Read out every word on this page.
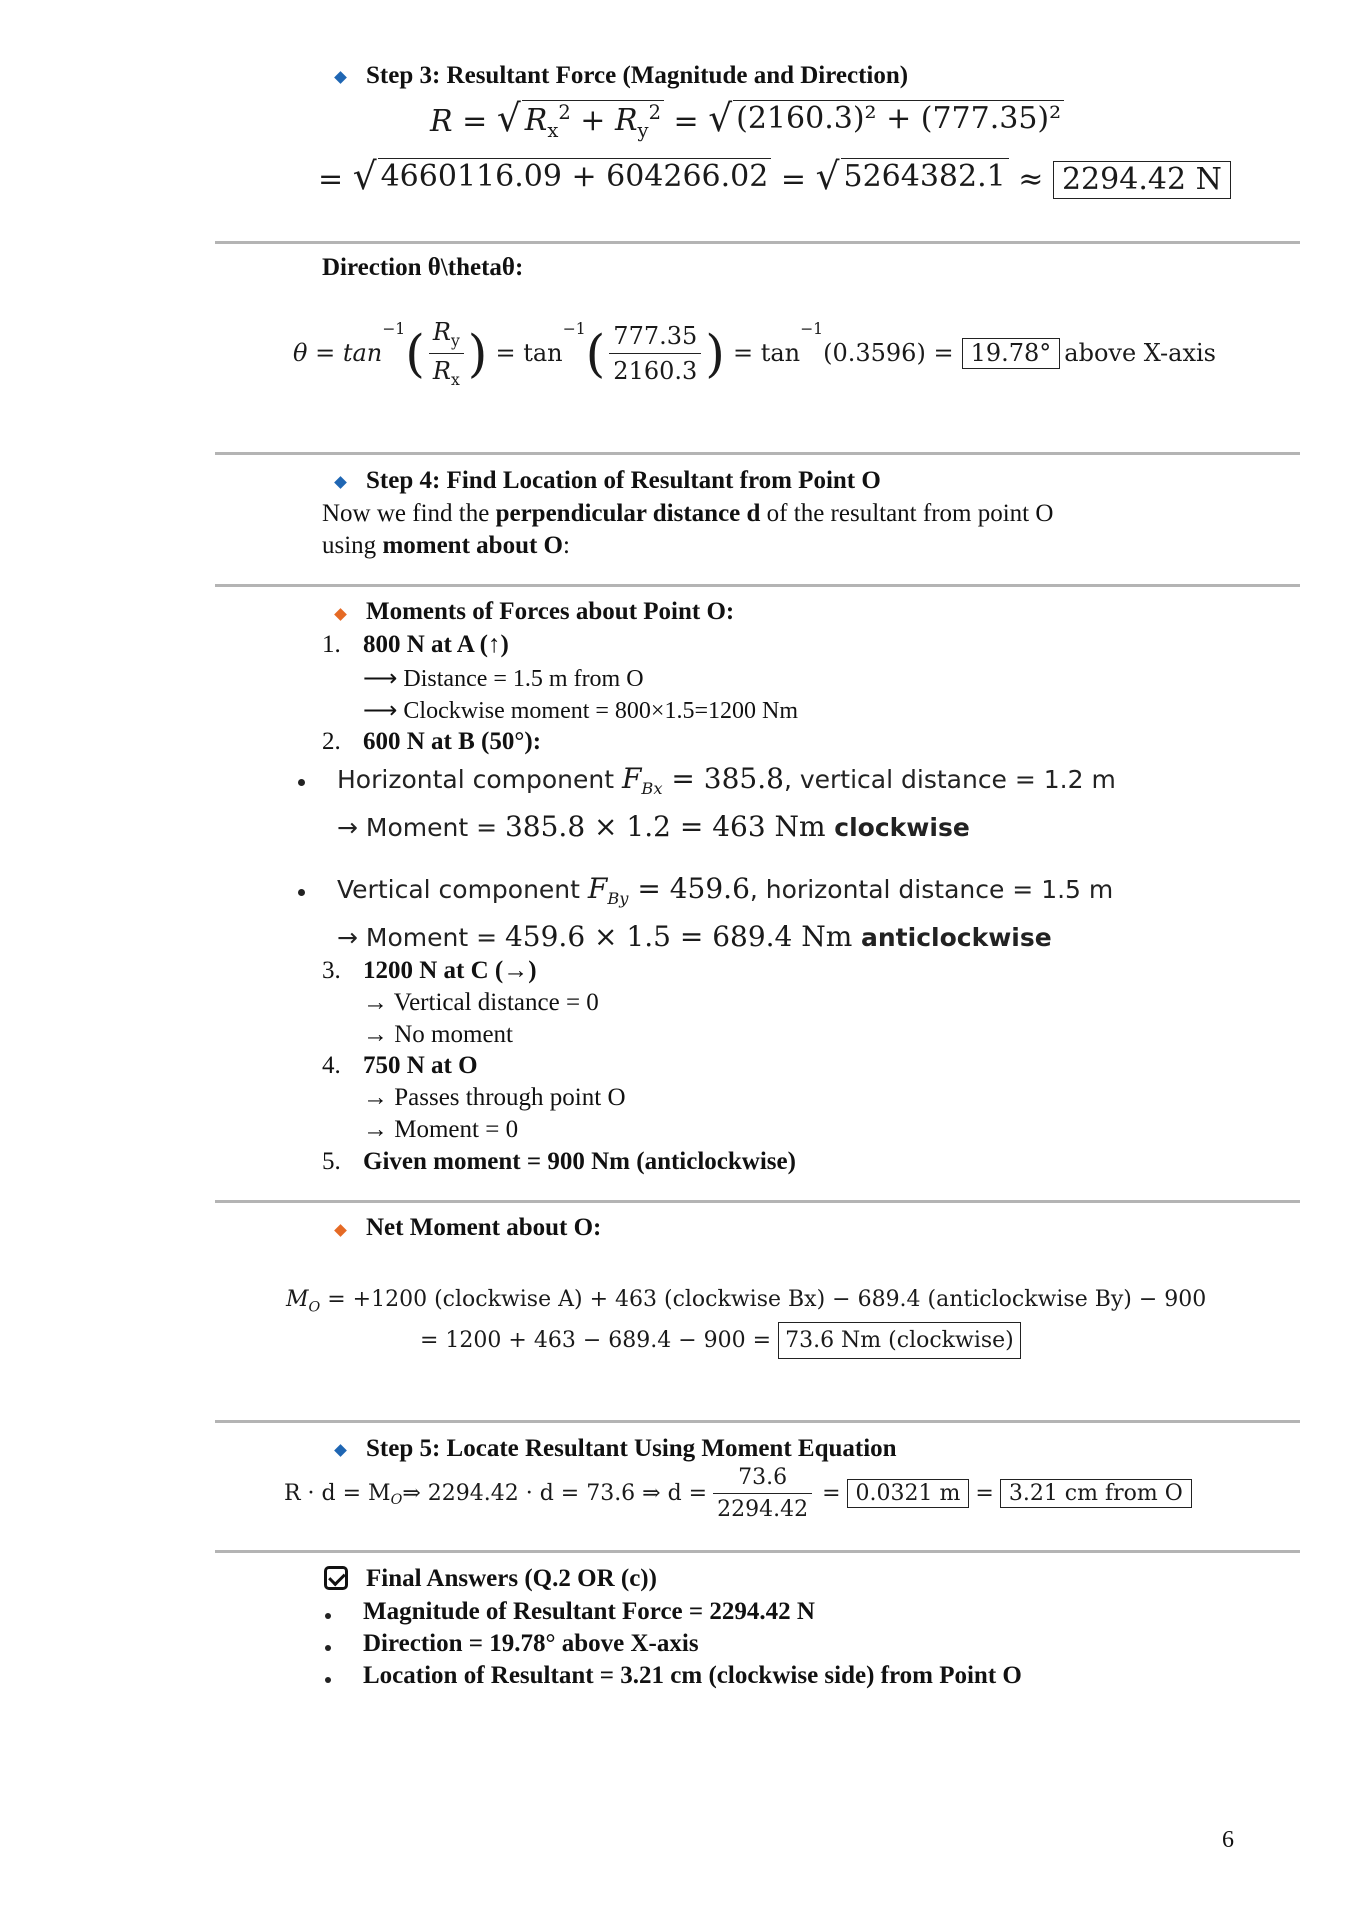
Step 3: Resultant Force (Magnitude and Direction)
R = √ $R_x^2 + R_y^2$ = √ (2160.3)² + (777.35)²
= √ 4660116.09 + 604266.02 = √ 5264382.1 ≈ 2294.42 N
Direction θ\thetaθ:
θ = tan
−1 ( $\frac{R_y}{R_x}$ ) = tan
−1 ( $\frac{777.35}{2160.3}$ ) = tan
−1
(0.3596) = 19.78° above X-axis
Step 4: Find Location of Resultant from Point O
Now we find the perpendicular distance d of the resultant from point O
using moment about O:
Moments of Forces about Point O:
1. 800 N at A (↑)
⟶ Distance = 1.5 m from O
⟶ Clockwise moment = 800×1.5=1200 Nm
2. 600 N at B (50°):
Horizontal component $F_{Bx} = 385.8$, vertical distance = 1.2 m
→ Moment = 385.8 × 1.2 = 463 Nm clockwise
Vertical component $F_{By} = 459.6$, horizontal distance = 1.5 m
→ Moment = 459.6 × 1.5 = 689.4 Nm anticlockwise
3. 1200 N at C (→)
→ Vertical distance = 0
→ No moment
4. 750 N at O
→ Passes through point O
→ Moment = 0
5. Given moment = 900 Nm (anticlockwise)
Net Moment about O:
$M_O = +1200$ (clockwise A) + 463 (clockwise Bx) − 689.4 (anticlockwise By) − 900
= 1200 + 463 − 689.4 − 900 = 73.6 Nm (clockwise)
Step 5: Locate Resultant Using Moment Equation
$R \cdot d = M_O$ ⇒ 2294.42 · d = 73.6 ⇒ $d = \frac{73.6}{2294.42} = 0.0321$ m = 3.21 cm from O
Final Answers (Q.2 OR (c))
Magnitude of Resultant Force = 2294.42 N
Direction = 19.78° above X-axis
Location of Resultant = 3.21 cm (clockwise side) from Point O
6
